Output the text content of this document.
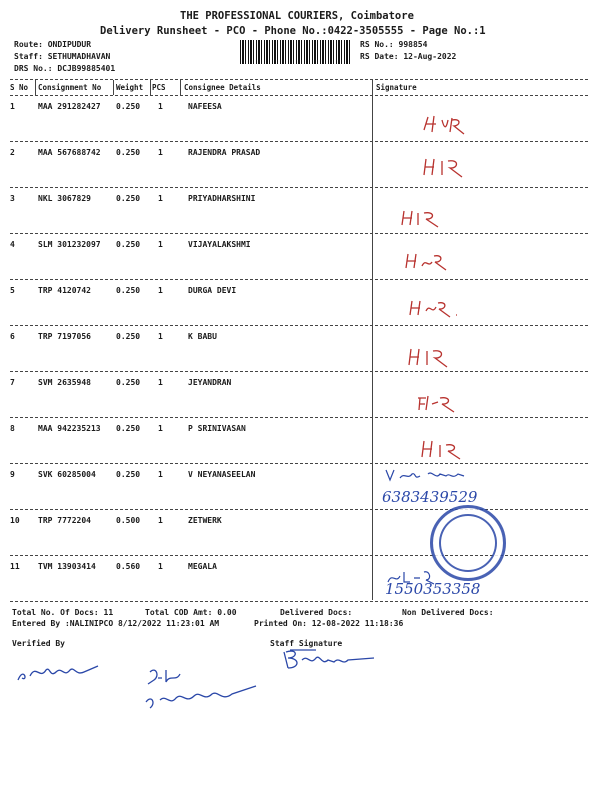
THE PROFESSIONAL COURIERS, Coimbatore
Delivery Runsheet - PCO - Phone No.:0422-3505555 - Page No.:1
Route: ONDIPUDUR
Staff: SETHUMADHAVAN
DRS No.: DCJB99885401
RS No.: 998854
RS Date: 12-Aug-2022
S No Consignment No Weight PCS Consignee Details	Signature
1	MAA 291282427 0.250 1	NAFEESA
2	MAA 567688742 0.250 1	RAJENDRA PRASAD
3	NKL 3067829	0.250 1	PRIYADHARSHINI
4	SLM 301232097 0.250 1	VIJAYALAKSHMI
5	TRP 4120742	0.250 1	DURGA DEVI
6	TRP 7197056	0.250 1	K BABU
7	SVM 2635948	0.250 1	JEYANDRAN
8	MAA 942235213 0.250 1	P SRINIVASAN
9	SVK 60285004	0.250 1	V NEYANASEELAN
10 TRP 7772204	0.500 1	ZETWERK
11 TVM 13903414	0.560 1	MEGALA
6383439529
1550353358
Total No. Of Docs: 11	Total COD Amt: 0.00	Delivered Docs:	Non Delivered Docs:
Entered By :NALINIPCO 8/12/2022 11:23:01 AM	Printed On: 12-08-2022 11:18:36
Verified By	Staff Signature
